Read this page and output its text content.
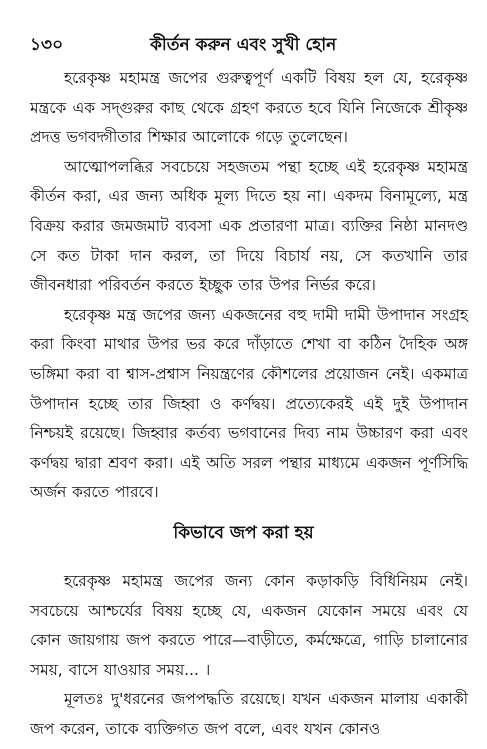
১৩০	কীর্তন করুন এবং সুখী হোন

হরেকৃষ্ণ মহামন্ত্র জপের গুরুত্বপূর্ণ একটি বিষয় হল যে, হরেকৃষ্ণ মন্ত্রকে এক সদ্গুরুর কাছ থেকে গ্রহণ করতে হবে যিনি নিজেকে শ্রীকৃষ্ণ প্রদত্ত ভগবদ্গীতার শিক্ষার আলোকে গড়ে তুলেছেন।

আত্মোপলব্ধির সবচেয়ে সহজতম পন্থা হচ্ছে এই হরেকৃষ্ণ মহামন্ত্র কীর্তন করা, এর জন্য অধিক মূল্য দিতে হয় না। একদম বিনামূল্যে, মন্ত্র বিক্রয় করার জমজমাট ব্যবসা এক প্রতারণা মাত্র। ব্যক্তির নিষ্ঠা মানদণ্ড সে কত টাকা দান করল, তা দিয়ে বিচার্য নয়, সে কতখানি তার জীবনধারা পরিবর্তন করতে ইচ্ছুক তার উপর নির্ভর করে।

হরেকৃষ্ণ মন্ত্র জপের জন্য একজনের বহু দামী দামী উপাদান সংগ্রহ করা কিংবা মাথার উপর ভর করে দাঁড়াতে শেখা বা কঠিন দৈহিক অঙ্গ ভঙ্গিমা করা বা শ্বাস-প্রশ্বাস নিয়ন্ত্রণের কৌশলের প্রয়োজন নেই। একমাত্র উপাদান হচ্ছে তার জিহ্বা ও কর্ণদ্বয়। প্রত্যেকেরই এই দুই উপাদান নিশ্চয়ই রয়েছে। জিহ্বার কর্তব্য ভগবানের দিব্য নাম উচ্চারণ করা এবং কর্ণদ্বয় দ্বারা শ্রবণ করা। এই অতি সরল পন্থার মাধ্যমে একজন পূর্ণসিদ্ধি অর্জন করতে পারবে।

কিভাবে জপ করা হয়

হরেকৃষ্ণ মহামন্ত্র জপের জন্য কোন কড়াকড়ি বিধিনিয়ম নেই। সবচেয়ে আশ্চর্যের বিষয় হচ্ছে যে, একজন যেকোন সময়ে এবং যে কোন জায়গায় জপ করতে পারে—বাড়ীতে, কর্মক্ষেত্রে, গাড়ি চালানোর সময়, বাসে যাওয়ার সময়... ।

মূলতঃ দু'ধরনের জপপদ্ধতি রয়েছে। যখন একজন মালায় একাকী জপ করেন, তাকে ব্যক্তিগত জপ বলে, এবং যখন কোনও
